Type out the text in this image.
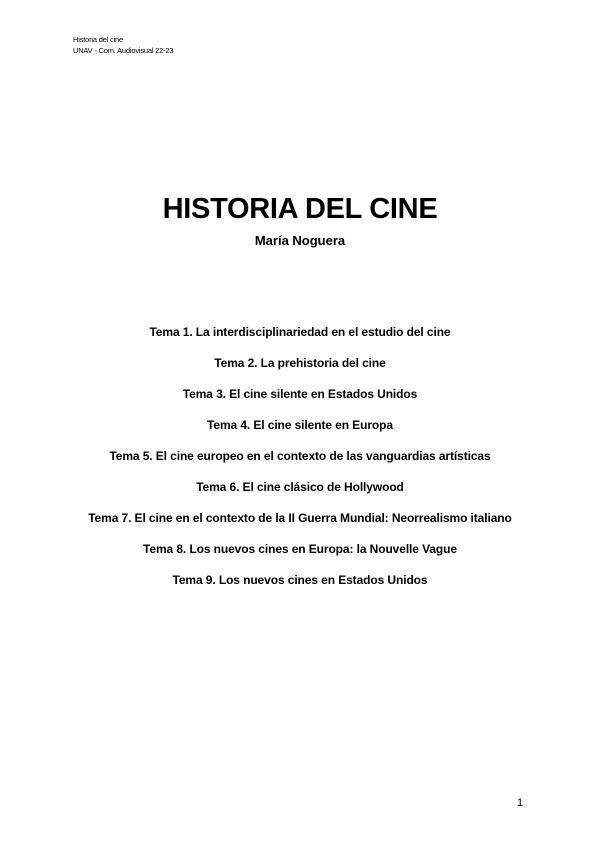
Historia del cine
UNAV - Com. Audiovisual 22-23
HISTORIA DEL CINE
María Noguera
Tema 1. La interdisciplinariedad en el estudio del cine
Tema 2. La prehistoria del cine
Tema 3. El cine silente en Estados Unidos
Tema 4. El cine silente en Europa
Tema 5. El cine europeo en el contexto de las vanguardias artísticas
Tema 6. El cine clásico de Hollywood
Tema 7. El cine en el contexto de la II Guerra Mundial: Neorrealismo italiano
Tema 8. Los nuevos cines en Europa: la Nouvelle Vague
Tema 9. Los nuevos cines en Estados Unidos
1
